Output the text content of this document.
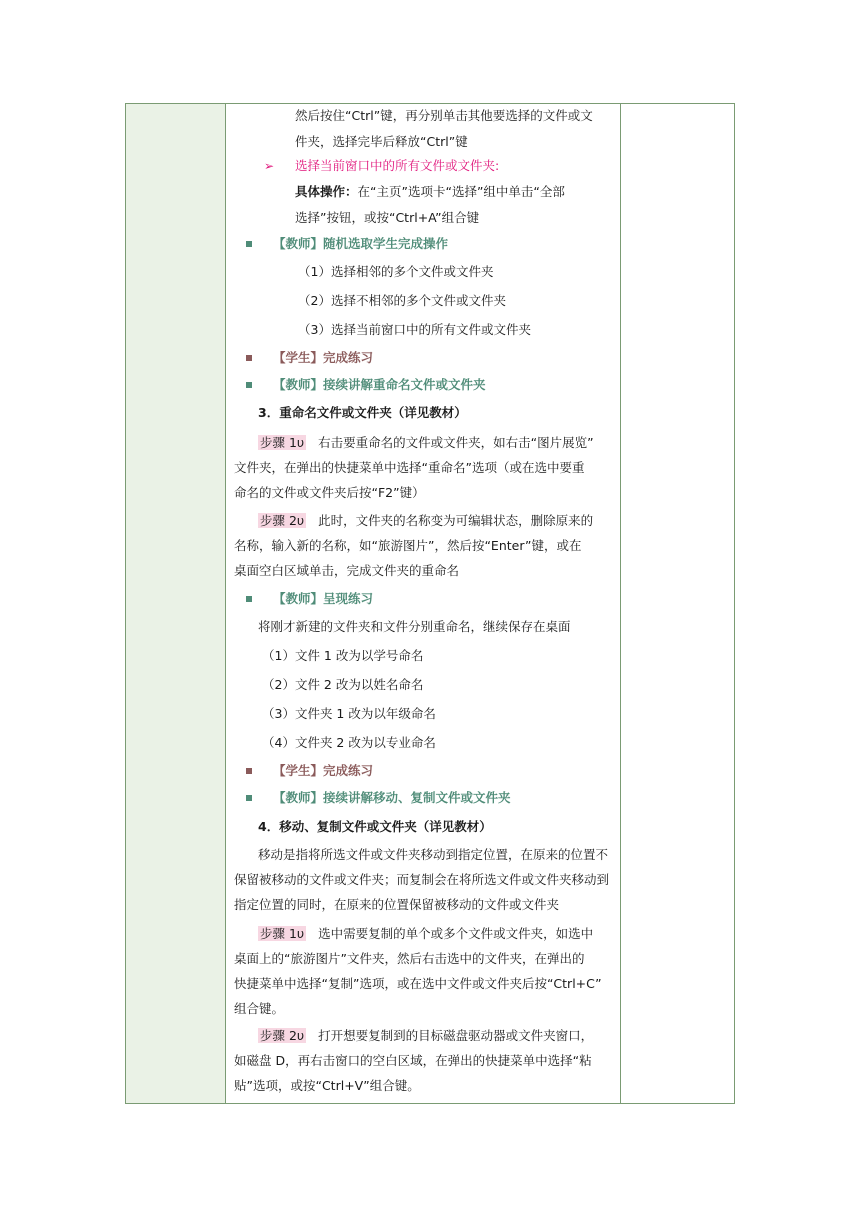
然后按住“Ctrl”键，再分别单击其他要选择的文件或文
件夹，选择完毕后释放“Ctrl”键
➢ 选择当前窗口中的所有文件或文件夹:
具体操作：在“主页”选项卡“选择”组中单击“全部
选择”按钮，或按“Ctrl+A”组合键
【教师】随机选取学生完成操作
（1）选择相邻的多个文件或文件夹
（2）选择不相邻的多个文件或文件夹
（3）选择当前窗口中的所有文件或文件夹
【学生】完成练习
【教师】接续讲解重命名文件或文件夹
3．重命名文件或文件夹（详见教材）
步骤 1υ 右击要重命名的文件或文件夹，如右击“图片展览”
文件夹，在弹出的快捷菜单中选择“重命名”选项（或在选中要重
命名的文件或文件夹后按“F2”键）
步骤 2υ 此时，文件夹的名称变为可编辑状态，删除原来的
名称，输入新的名称，如“旅游图片”，然后按“Enter”键，或在
桌面空白区域单击，完成文件夹的重命名
【教师】呈现练习
将刚才新建的文件夹和文件分别重命名，继续保存在桌面
（1）文件 1 改为以学号命名
（2）文件 2 改为以姓名命名
（3）文件夹 1 改为以年级命名
（4）文件夹 2 改为以专业命名
【学生】完成练习
【教师】接续讲解移动、复制文件或文件夹
4．移动、复制文件或文件夹（详见教材）
移动是指将所选文件或文件夹移动到指定位置，在原来的位置不
保留被移动的文件或文件夹；而复制会在将所选文件或文件夹移动到
指定位置的同时，在原来的位置保留被移动的文件或文件夹
步骤 1υ 选中需要复制的单个或多个文件或文件夹，如选中
桌面上的“旅游图片”文件夹，然后右击选中的文件夹，在弹出的
快捷菜单中选择“复制”选项，或在选中文件或文件夹后按“Ctrl+C”
组合键。
步骤 2υ 打开想要复制到的目标磁盘驱动器或文件夹窗口，
如磁盘 D，再右击窗口的空白区域，在弹出的快捷菜单中选择“粘
贴”选项，或按“Ctrl+V”组合键。
